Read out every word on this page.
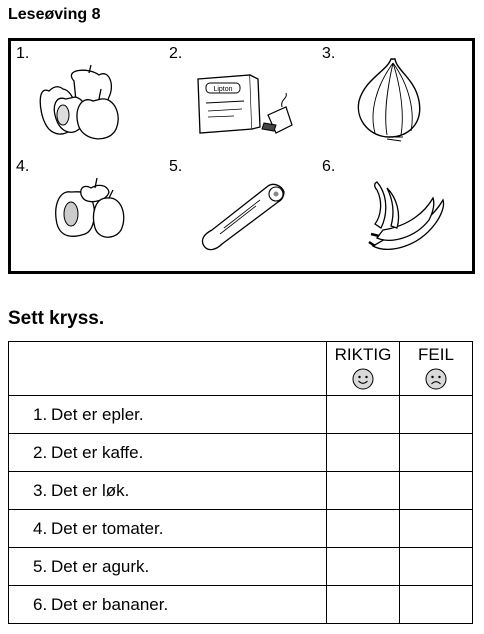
Leseøving 8
1.	2.
Lipton
3.
4.	5.	6.
Sett kryss.

	RIKTIG	FEIL

1. Det er epler.		
2. Det er kaffe.		
3. Det er løk.		
4. Det er tomater.		
5. Det er agurk.		
6. Det er bananer.		
